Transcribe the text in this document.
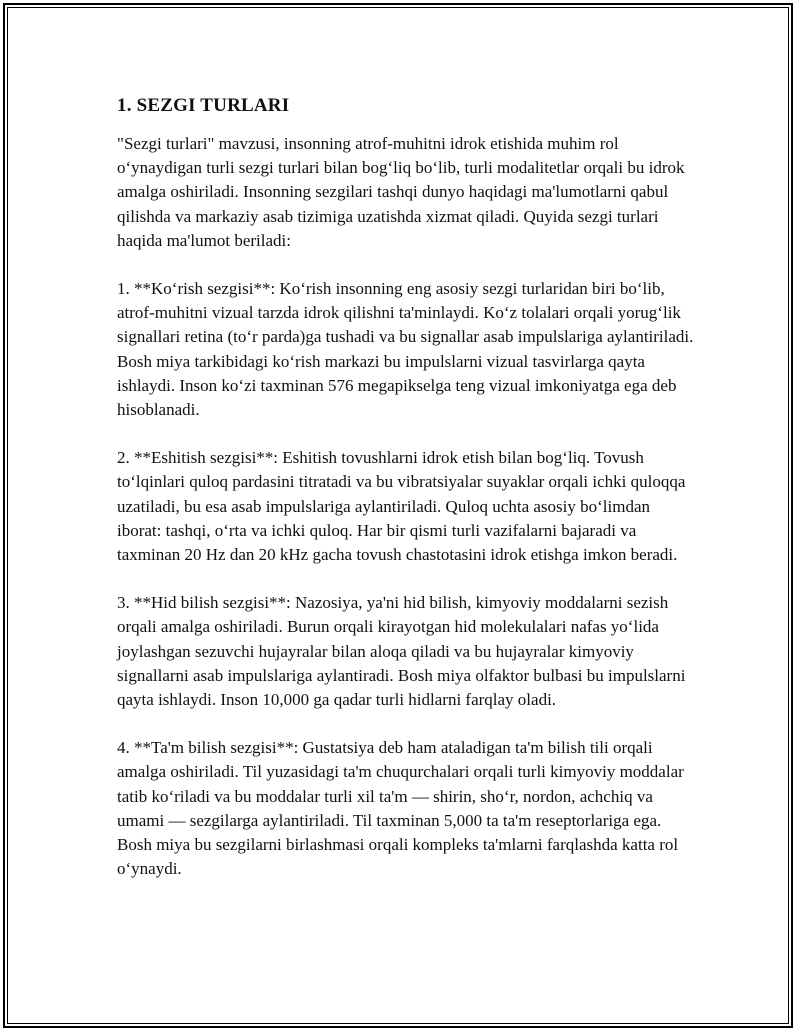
1. SEZGI TURLARI

"Sezgi turlari" mavzusi, insonning atrof-muhitni idrok etishida muhim rol oʻynaydigan turli sezgi turlari bilan bogʻliq boʻlib, turli modalitetlar orqali bu idrok amalga oshiriladi. Insonning sezgilari tashqi dunyo haqidagi ma'lumotlarni qabul qilishda va markaziy asab tizimiga uzatishda xizmat qiladi. Quyida sezgi turlari haqida ma'lumot beriladi:

1. **Koʻrish sezgisi**: Koʻrish insonning eng asosiy sezgi turlaridan biri boʻlib, atrof-muhitni vizual tarzda idrok qilishni ta'minlaydi. Koʻz tolalari orqali yorugʻlik signallari retina (toʻr parda)ga tushadi va bu signallar asab impulslariga aylantiriladi. Bosh miya tarkibidagi koʻrish markazi bu impulslarni vizual tasvirlarga qayta ishlaydi. Inson koʻzi taxminan 576 megapikselga teng vizual imkoniyatga ega deb hisoblanadi.

2. **Eshitish sezgisi**: Eshitish tovushlarni idrok etish bilan bogʻliq. Tovush toʻlqinlari quloq pardasini titratadi va bu vibratsiyalar suyaklar orqali ichki quloqqa uzatiladi, bu esa asab impulslariga aylantiriladi. Quloq uchta asosiy boʻlimdan iborat: tashqi, oʻrta va ichki quloq. Har bir qismi turli vazifalarni bajaradi va taxminan 20 Hz dan 20 kHz gacha tovush chastotasini idrok etishga imkon beradi.

3. **Hid bilish sezgisi**: Nazosiya, ya'ni hid bilish, kimyoviy moddalarni sezish orqali amalga oshiriladi. Burun orqali kirayotgan hid molekulalari nafas yoʻlida joylashgan sezuvchi hujayralar bilan aloqa qiladi va bu hujayralar kimyoviy signallarni asab impulslariga aylantiradi. Bosh miya olfaktor bulbasi bu impulslarni qayta ishlaydi. Inson 10,000 ga qadar turli hidlarni farqlay oladi.

4. **Ta'm bilish sezgisi**: Gustatsiya deb ham ataladigan ta'm bilish tili orqali amalga oshiriladi. Til yuzasidagi ta'm chuqurchalari orqali turli kimyoviy moddalar tatib koʻriladi va bu moddalar turli xil ta'm — shirin, shoʻr, nordon, achchiq va umami — sezgilarga aylantiriladi. Til taxminan 5,000 ta ta'm reseptorlariga ega. Bosh miya bu sezgilarni birlashmasi orqali kompleks ta'mlarni farqlashda katta rol oʻynaydi.
